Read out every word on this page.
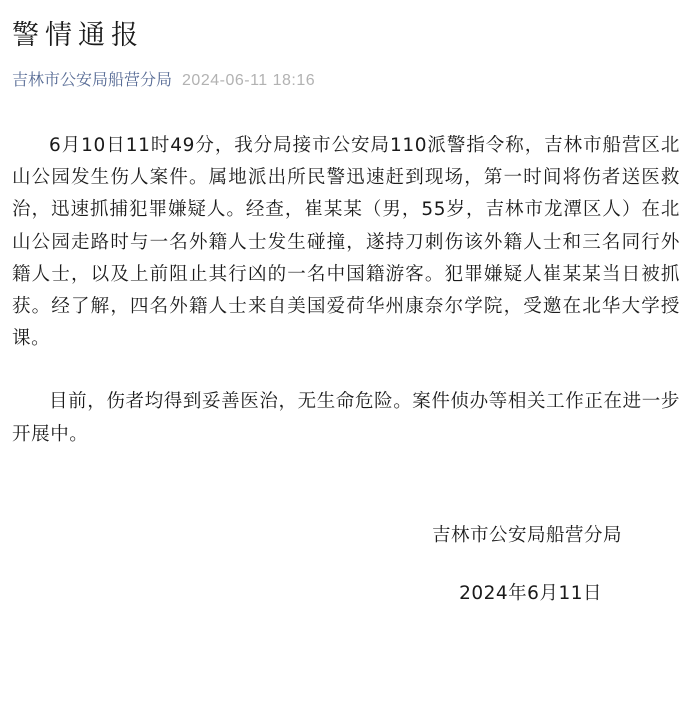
警情通报
吉林市公安局船营分局 2024-06-11 18:16

6月10日11时49分，我分局接市公安局110派警指令称，吉林市船营区北山公园发生伤人案件。属地派出所民警迅速赶到现场，第一时间将伤者送医救治，迅速抓捕犯罪嫌疑人。经查，崔某某（男，55岁，吉林市龙潭区人）在北山公园走路时与一名外籍人士发生碰撞，遂持刀刺伤该外籍人士和三名同行外籍人士，以及上前阻止其行凶的一名中国籍游客。犯罪嫌疑人崔某某当日被抓获。经了解，四名外籍人士来自美国爱荷华州康奈尔学院，受邀在北华大学授课。

目前，伤者均得到妥善医治，无生命危险。案件侦办等相关工作正在进一步开展中。

吉林市公安局船营分局
2024年6月11日
